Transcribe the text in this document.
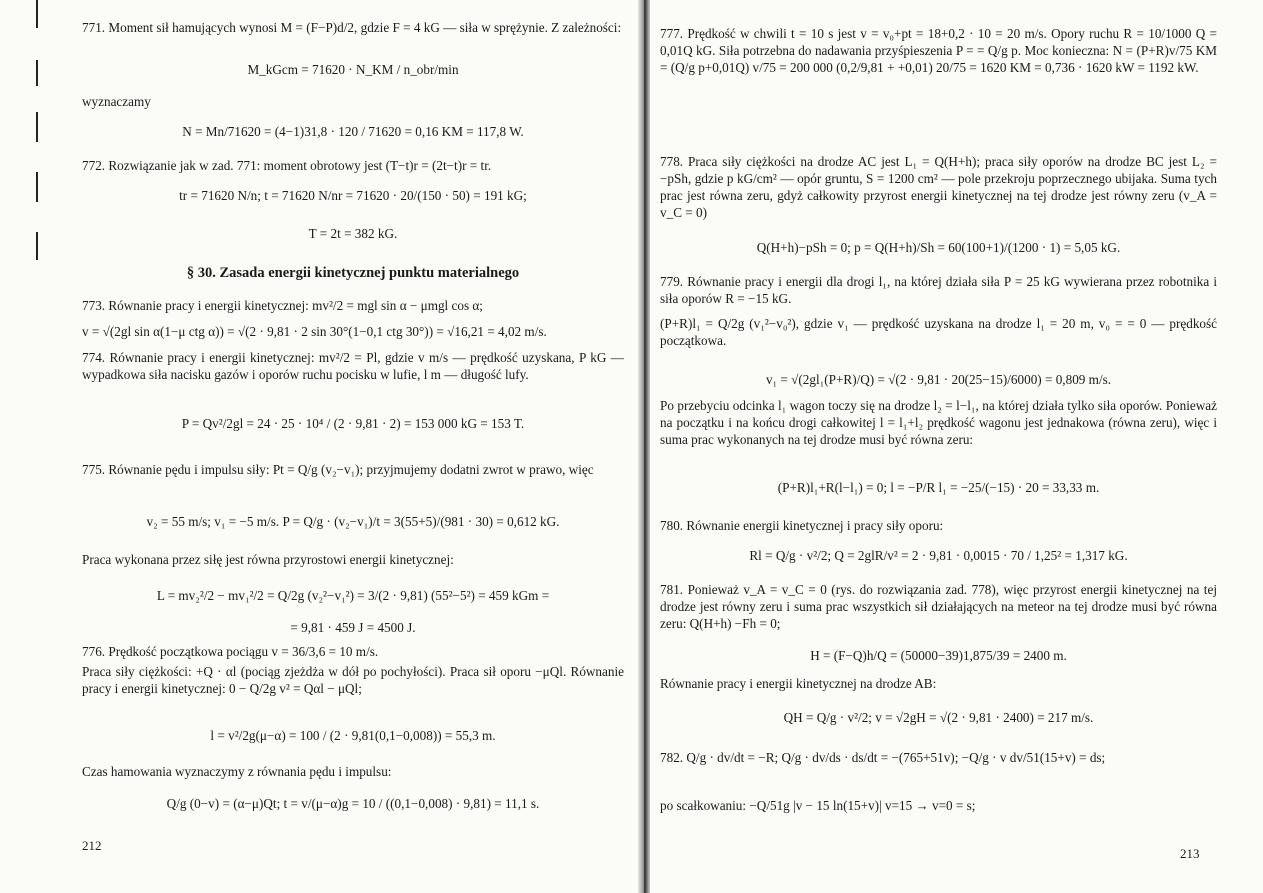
771. Moment sił hamujących wynosi M = (F−P)d/2, gdzie F = 4 kG — siła w sprężynie. Z zależności:

M_kGcm = 71620 · N_KM / n_obr/min

wyznaczamy

N = Mn/71620 = (4−1)31,8 · 120 / 71620 = 0,16 KM = 117,8 W.

772. Rozwiązanie jak w zad. 771: moment obrotowy jest (T−t)r = (2t−t)r = tr.

tr = 71620 N/n; t = 71620 N/nr = 71620 · 20/(150 · 50) = 191 kG;
T = 2t = 382 kG.
§ 30. Zasada energii kinetycznej punktu materialnego

773. Równanie pracy i energii kinetycznej: mv²/2 = mgl sin α − μmgl cos α;

v = √(2gl sin α(1−μ ctg α)) = √(2 · 9,81 · 2 sin 30°(1−0,1 ctg 30°)) = √16,21 = 4,02 m/s.

774. Równanie pracy i energii kinetycznej: mv²/2 = Pl, gdzie v m/s — prędkość uzyskana, P kG — wypadkowa siła nacisku gazów i oporów ruchu pocisku w lufie, l m — długość lufy.

P = Qv²/2gl = 24 · 25 · 10⁴ / (2 · 9,81 · 2) = 153 000 kG = 153 T.

775. Równanie pędu i impulsu siły: Pt = Q/g (v₂−v₁); przyjmujemy dodatni zwrot w prawo, więc

v₂ = 55 m/s; v₁ = −5 m/s. P = Q/g · (v₂−v₁)/t = 3(55+5)/(981 · 30) = 0,612 kG.

Praca wykonana przez siłę jest równa przyrostowi energii kinetycznej:

L = mv₂²/2 − mv₁²/2 = Q/2g (v₂²−v₁²) = 3/(2 · 9,81) (55²−5²) = 459 kGm =
= 9,81 · 459 J = 4500 J.

776. Prędkość początkowa pociągu v = 36/3,6 = 10 m/s.

Praca siły ciężkości: +Q · αl (pociąg zjeżdża w dół po pochyłości). Praca sił oporu −μQl. Równanie pracy i energii kinetycznej: 0 − Q/2g v² = Qαl − μQl;

l = v²/2g(μ−α) = 100 / (2 · 9,81(0,1−0,008)) = 55,3 m.

Czas hamowania wyznaczymy z równania pędu i impulsu:

Q/g (0−v) = (α−μ)Qt; t = v/(μ−α)g = 10 / ((0,1−0,008) · 9,81) = 11,1 s.
212

777. Prędkość w chwili t = 10 s jest v = v₀+pt = 18+0,2 · 10 = 20 m/s. Opory ruchu R = 10/1000 Q = 0,01Q kG. Siła potrzebna do nadawania przyśpieszenia P = = Q/g p. Moc konieczna: N = (P+R)v/75 KM = (Q/g p+0,01Q) v/75 = 200 000 (0,2/9,81 + +0,01) 20/75 = 1620 KM = 0,736 · 1620 kW = 1192 kW.

778. Praca siły ciężkości na drodze AC jest L₁ = Q(H+h); praca siły oporów na drodze BC jest L₂ = −pSh, gdzie p kG/cm² — opór gruntu, S = 1200 cm² — pole przekroju poprzecznego ubijaka. Suma tych prac jest równa zeru, gdyż całkowity przyrost energii kinetycznej na tej drodze jest równy zeru (v_A = v_C = 0)

Q(H+h)−pSh = 0; p = Q(H+h)/Sh = 60(100+1)/(1200 · 1) = 5,05 kG.

779. Równanie pracy i energii dla drogi l₁, na której działa siła P = 25 kG wywierana przez robotnika i siła oporów R = −15 kG.

(P+R)l₁ = Q/2g (v₁²−v₀²), gdzie v₁ — prędkość uzyskana na drodze l₁ = 20 m, v₀ = = 0 — prędkość początkowa.

v₁ = √(2gl₁(P+R)/Q) = √(2 · 9,81 · 20(25−15)/6000) = 0,809 m/s.

Po przebyciu odcinka l₁ wagon toczy się na drodze l₂ = l−l₁, na której działa tylko siła oporów. Ponieważ na początku i na końcu drogi całkowitej l = l₁+l₂ prędkość wagonu jest jednakowa (równa zeru), więc i suma prac wykonanych na tej drodze musi być równa zeru:

(P+R)l₁+R(l−l₁) = 0; l = −P/R l₁ = −25/(−15) · 20 = 33,33 m.

780. Równanie energii kinetycznej i pracy siły oporu:

Rl = Q/g · v²/2; Q = 2glR/v² = 2 · 9,81 · 0,0015 · 70 / 1,25² = 1,317 kG.

781. Ponieważ v_A = v_C = 0 (rys. do rozwiązania zad. 778), więc przyrost energii kinetycznej na tej drodze jest równy zeru i suma prac wszystkich sił działających na meteor na tej drodze musi być równa zeru: Q(H+h) −Fh = 0;

H = (F−Q)h/Q = (50000−39)1,875/39 = 2400 m.

Równanie pracy i energii kinetycznej na drodze AB:

QH = Q/g · v²/2; v = √2gH = √(2 · 9,81 · 2400) = 217 m/s.

782. Q/g · dv/dt = −R; Q/g · dv/ds · ds/dt = −(765+51v); −Q/g · v dv/51(15+v) = ds;

po scałkowaniu: −Q/51g |v − 15 ln(15+v)| v=15 → v=0 = s;

213
